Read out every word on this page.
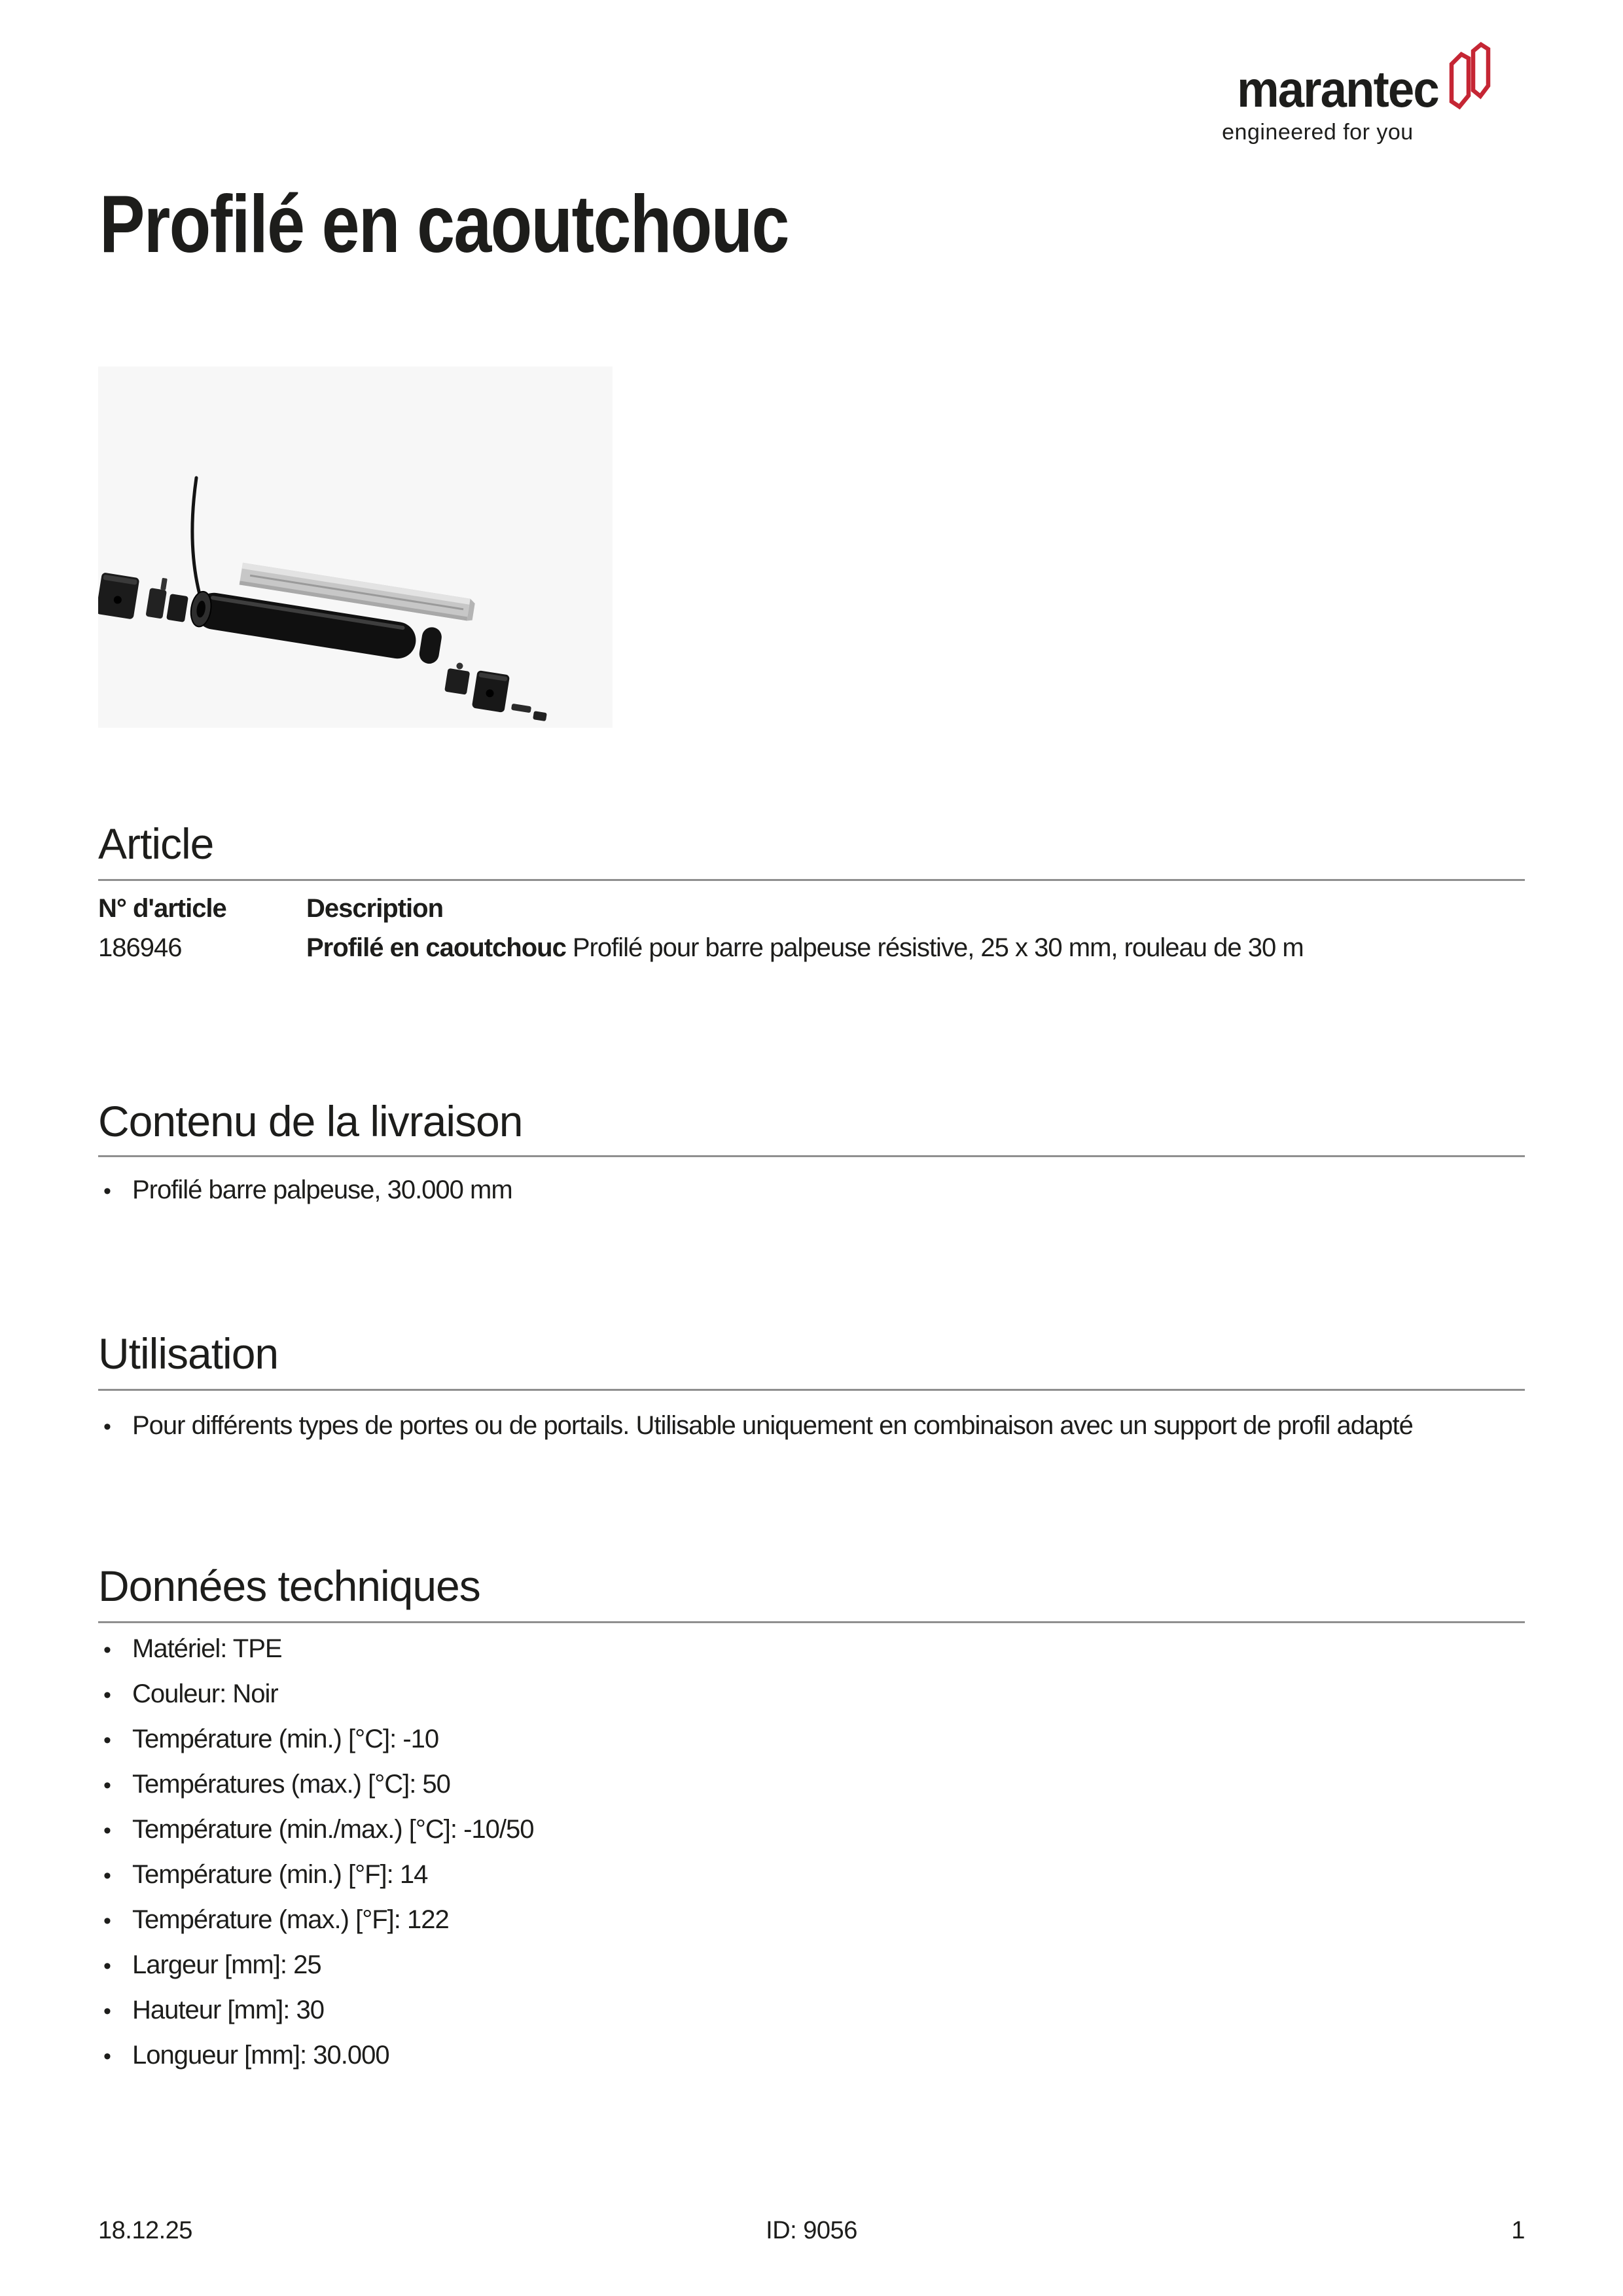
marantec
engineered for you
Profilé en caoutchouc
Article
N° d'article	Description
186946	Profilé en caoutchouc Profilé pour barre palpeuse résistive, 25 x 30 mm, rouleau de 30 m
Contenu de la livraison
• Profilé barre palpeuse, 30.000 mm
Utilisation
• Pour différents types de portes ou de portails. Utilisable uniquement en combinaison avec un support de profil adapté
Données techniques
• Matériel: TPE
• Couleur: Noir
• Température (min.) [°C]: -10
• Températures (max.) [°C]: 50
• Température (min./max.) [°C]: -10/50
• Température (min.) [°F]: 14
• Température (max.) [°F]: 122
• Largeur [mm]: 25
• Hauteur [mm]: 30
• Longueur [mm]: 30.000
18.12.25	ID: 9056	1
